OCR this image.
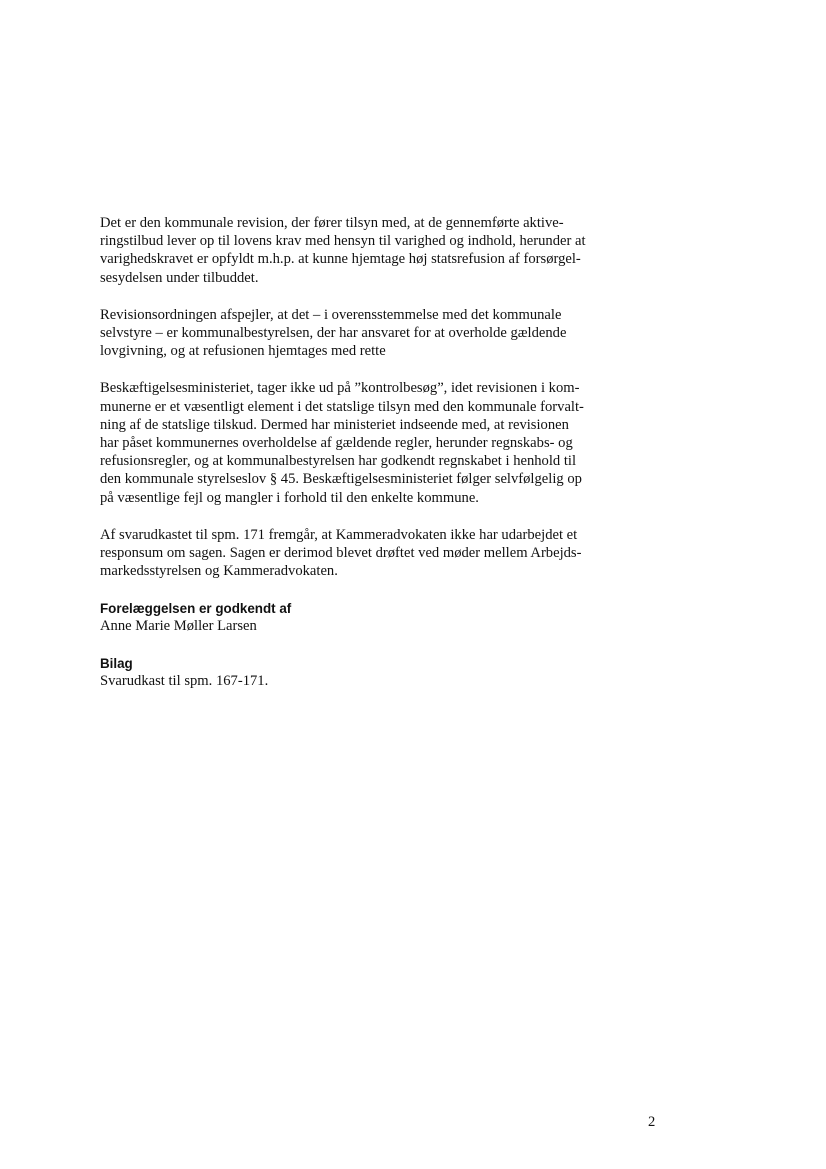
Det er den kommunale revision, der fører tilsyn med, at de gennemførte aktive-
ringstilbud lever op til lovens krav med hensyn til varighed og indhold, herunder at
varighedskravet er opfyldt m.h.p. at kunne hjemtage høj statsrefusion af forsørgel-
sesydelsen under tilbuddet.

Revisionsordningen afspejler, at det – i overensstemmelse med det kommunale
selvstyre – er kommunalbestyrelsen, der har ansvaret for at overholde gældende
lovgivning, og at refusionen hjemtages med rette

Beskæftigelsesministeriet, tager ikke ud på ”kontrolbesøg”, idet revisionen i kom-
munerne er et væsentligt element i det statslige tilsyn med den kommunale forvalt-
ning af de statslige tilskud. Dermed har ministeriet indseende med, at revisionen
har påset kommunernes overholdelse af gældende regler, herunder regnskabs- og
refusionsregler, og at kommunalbestyrelsen har godkendt regnskabet i henhold til
den kommunale styrelseslov § 45. Beskæftigelsesministeriet følger selvfølgelig op
på væsentlige fejl og mangler i forhold til den enkelte kommune.

Af svarudkastet til spm. 171 fremgår, at Kammeradvokaten ikke har udarbejdet et
responsum om sagen. Sagen er derimod blevet drøftet ved møder mellem Arbejds-
markedsstyrelsen og Kammeradvokaten.

Forelæggelsen er godkendt af

Anne Marie Møller Larsen

Bilag

Svarudkast til spm. 167-171.

2
